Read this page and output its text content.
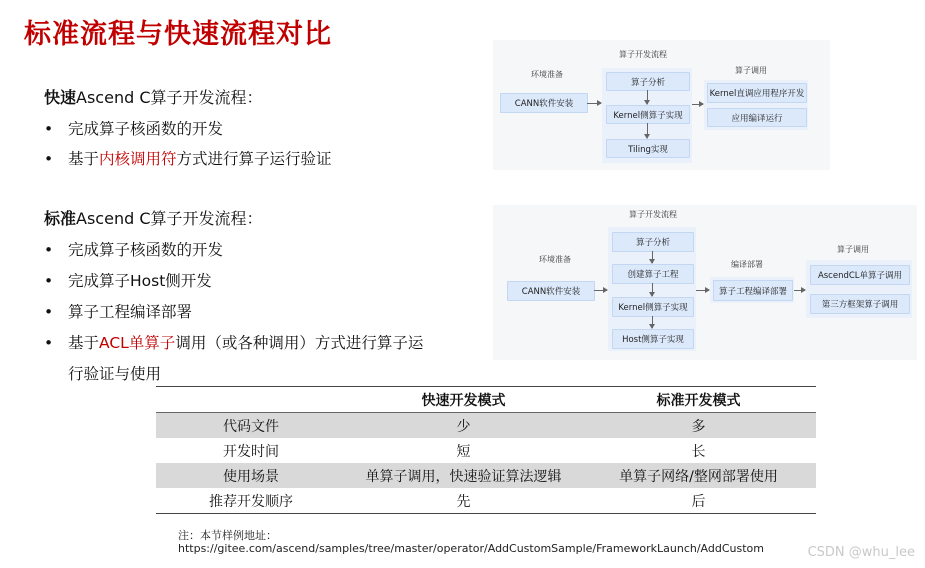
标准流程与快速流程对比
快速Ascend C算子开发流程：
• 完成算子核函数的开发
• 基于内核调用符方式进行算子运行验证
标准Ascend C算子开发流程：
• 完成算子核函数的开发
• 完成算子Host侧开发
• 算子工程编译部署
• 基于ACL单算子调用（或各种调用）方式进行算子运
行验证与使用
环境准备
算子开发流程
算子调用
CANN软件安装
算子分析
Kernel侧算子实现
Tiling实现
Kernel直调应用程序开发
应用编译运行
环境准备
算子开发流程
编译部署
算子调用
CANN软件安装
算子分析
创建算子工程
Kernel侧算子实现
Host侧算子实现
算子工程编译部署
AscendCL单算子调用
第三方框架算子调用
	快速开发模式	标准开发模式
代码文件	少	多
开发时间	短	长
使用场景	单算子调用，快速验证算法逻辑	单算子网络/整网部署使用
推荐开发顺序	先	后
注：本节样例地址：
https://gitee.com/ascend/samples/tree/master/operator/AddCustomSample/FrameworkLaunch/AddCustom	CSDN @whu_lee
